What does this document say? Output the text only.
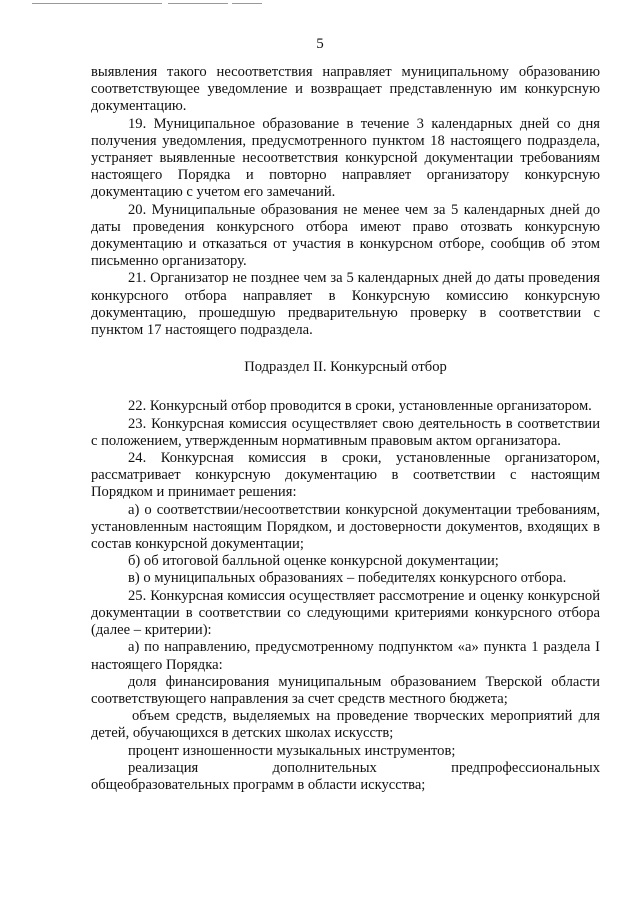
5

выявления такого несоответствия направляет муниципальному образованию соответствующее уведомление и возвращает представленную им конкурсную документацию.

19. Муниципальное образование в течение 3 календарных дней со дня получения уведомления, предусмотренного пунктом 18 настоящего подраздела, устраняет выявленные несоответствия конкурсной документации требованиям настоящего Порядка и повторно направляет организатору конкурсную документацию с учетом его замечаний.

20. Муниципальные образования не менее чем за 5 календарных дней до даты проведения конкурсного отбора имеют право отозвать конкурсную документацию и отказаться от участия в конкурсном отборе, сообщив об этом письменно организатору.

21. Организатор не позднее чем за 5 календарных дней до даты проведения конкурсного отбора направляет в Конкурсную комиссию конкурсную документацию, прошедшую предварительную проверку в соответствии с пунктом 17 настоящего подраздела.

Подраздел II. Конкурсный отбор

22. Конкурсный отбор проводится в сроки, установленные организатором.

23. Конкурсная комиссия осуществляет свою деятельность в соответствии с положением, утвержденным нормативным правовым актом организатора.

24. Конкурсная комиссия в сроки, установленные организатором, рассматривает конкурсную документацию в соответствии с настоящим Порядком и принимает решения:

а) о соответствии/несоответствии конкурсной документации требованиям, установленным настоящим Порядком, и достоверности документов, входящих в состав конкурсной документации;

б) об итоговой балльной оценке конкурсной документации;

в) о муниципальных образованиях – победителях конкурсного отбора.

25. Конкурсная комиссия осуществляет рассмотрение и оценку конкурсной документации в соответствии со следующими критериями конкурсного отбора (далее – критерии):

а) по направлению, предусмотренному подпунктом «а» пункта 1 раздела I настоящего Порядка:

доля финансирования муниципальным образованием Тверской области соответствующего направления за счет средств местного бюджета;

объем средств, выделяемых на проведение творческих мероприятий для детей, обучающихся в детских школах искусств;

процент изношенности музыкальных инструментов;

реализация дополнительных предпрофессиональных общеобразовательных программ в области искусства;
